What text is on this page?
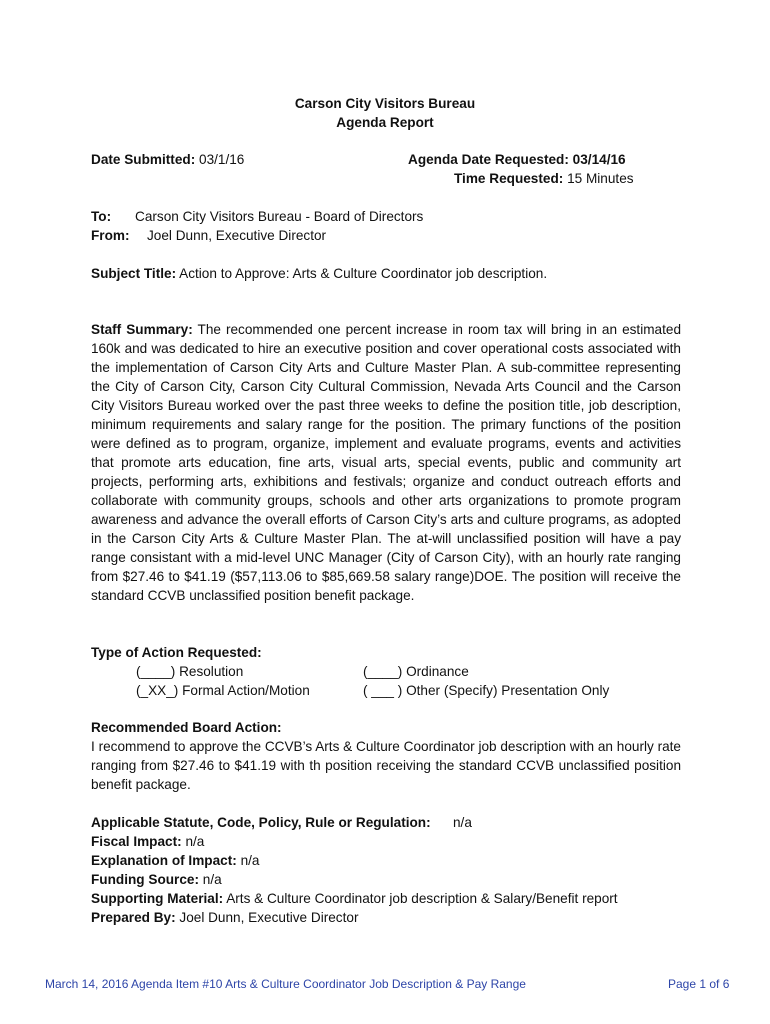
Carson City Visitors Bureau
Agenda Report
Date Submitted: 03/1/16	Agenda Date Requested: 03/14/16
Time Requested: 15 Minutes
To: Carson City Visitors Bureau - Board of Directors
From: Joel Dunn, Executive Director
Subject Title: Action to Approve: Arts & Culture Coordinator job description.
Staff Summary: The recommended one percent increase in room tax will bring in an estimated 160k and was dedicated to hire an executive position and cover operational costs associated with the implementation of Carson City Arts and Culture Master Plan. A sub-committee representing the City of Carson City, Carson City Cultural Commission, Nevada Arts Council and the Carson City Visitors Bureau worked over the past three weeks to define the position title, job description, minimum requirements and salary range for the position. The primary functions of the position were defined as to program, organize, implement and evaluate programs, events and activities that promote arts education, fine arts, visual arts, special events, public and community art projects, performing arts, exhibitions and festivals; organize and conduct outreach efforts and collaborate with community groups, schools and other arts organizations to promote program awareness and advance the overall efforts of Carson City’s arts and culture programs, as adopted in the Carson City Arts & Culture Master Plan. The at-will unclassified position will have a pay range consistant with a mid-level UNC Manager (City of Carson City), with an hourly rate ranging from $27.46 to $41.19 ($57,113.06 to $85,669.58 salary range)DOE. The position will receive the standard CCVB unclassified position benefit package.
Type of Action Requested:
(____) Resolution
(_XX_) Formal Action/Motion
(____) Ordinance
( ___ ) Other (Specify) Presentation Only
Recommended Board Action:
I recommend to approve the CCVB’s Arts & Culture Coordinator job description with an hourly rate ranging from $27.46 to $41.19 with th position receiving the standard CCVB unclassified position benefit package.
Applicable Statute, Code, Policy, Rule or Regulation: n/a
Fiscal Impact: n/a
Explanation of Impact: n/a
Funding Source: n/a
Supporting Material: Arts & Culture Coordinator job description & Salary/Benefit report
Prepared By: Joel Dunn, Executive Director
March 14, 2016 Agenda Item #10 Arts & Culture Coordinator Job Description & Pay Range	Page 1 of 6
